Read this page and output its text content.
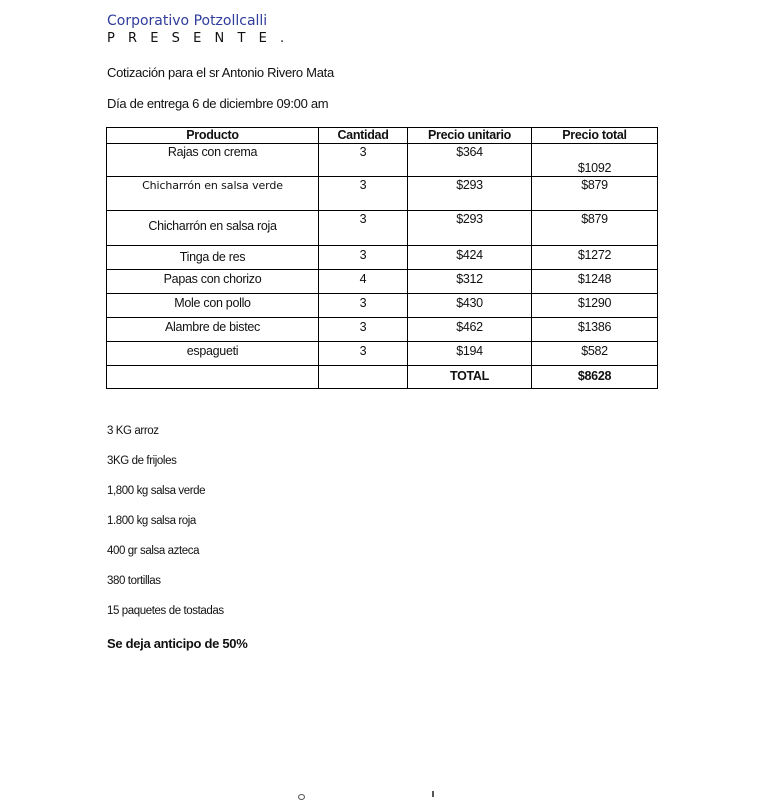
Corporativo Potzollcalli
PRESENTE.
Cotización para el sr Antonio Rivero Mata
Día de entrega 6 de diciembre 09:00 am
Producto	Cantidad	Precio unitario	Precio total

Rajas con crema	3	$364	$1092

Chicharrón en salsa verde	3	$293	$879

Chicharrón en salsa roja	3	$293	$879

Tinga de res	3	$424	$1272

Papas con chorizo	4	$312	$1248

Mole con pollo	3	$430	$1290

Alambre de bistec	3	$462	$1386

espagueti	3	$194	$582

		TOTAL	$8628
3 KG arroz
3KG de frijoles
1,800 kg salsa verde
1.800 kg salsa roja
400 gr salsa azteca
380 tortillas
15 paquetes de tostadas
Se deja anticipo de 50%
